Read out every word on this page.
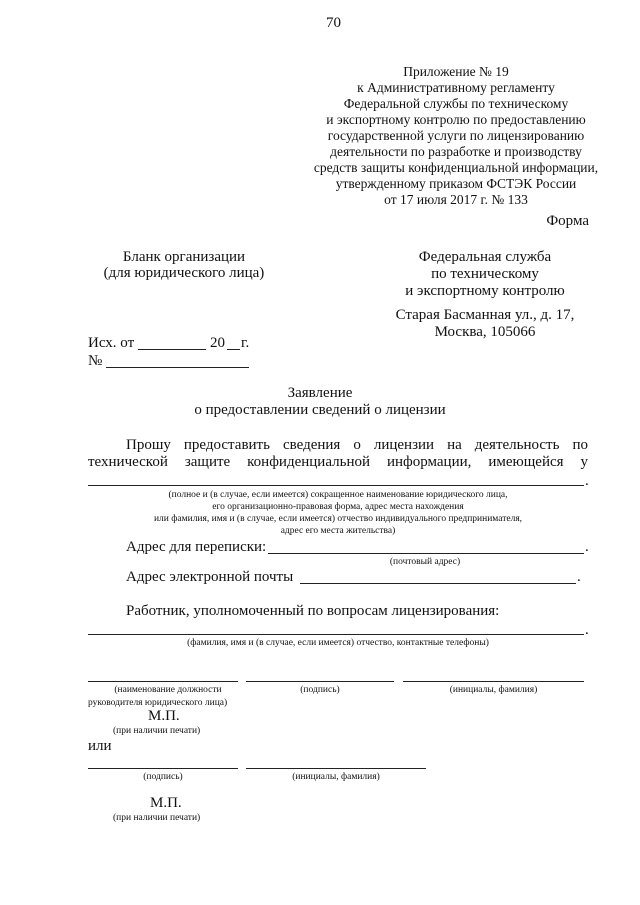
70
Приложение № 19
к Административному регламенту
Федеральной службы по техническому
и экспортному контролю по предоставлению
государственной услуги по лицензированию
деятельности по разработке и производству
средств защиты конфиденциальной информации,
утвержденному приказом ФСТЭК России
от 17 июля 2017 г. № 133
Форма
Бланк организации
(для юридического лица)
Федеральная служба
по техническому
и экспортному контролю
Старая Басманная ул., д. 17,
Москва, 105066
Исх. от	20 г.
№
Заявление
о предоставлении сведений о лицензии
Прошу предоставить сведения о лицензии на деятельность по
технической защите конфиденциальной информации, имеющейся у
.
(полное и (в случае, если имеется) сокращенное наименование юридического лица,
его организационно-правовая форма, адрес места нахождения
или фамилия, имя и (в случае, если имеется) отчество индивидуального предпринимателя,
адрес его места жительства)
Адрес для переписки:	.
(почтовый адрес)
Адрес электронной почты	.
Работник, уполномоченный по вопросам лицензирования:
.
(фамилия, имя и (в случае, если имеется) отчество, контактные телефоны)
(наименование должности
руководителя юридического лица)
(подпись)	(инициалы, фамилия)
М.П.
(при наличии печати)
или
(подпись)	(инициалы, фамилия)
М.П.
(при наличии печати)
